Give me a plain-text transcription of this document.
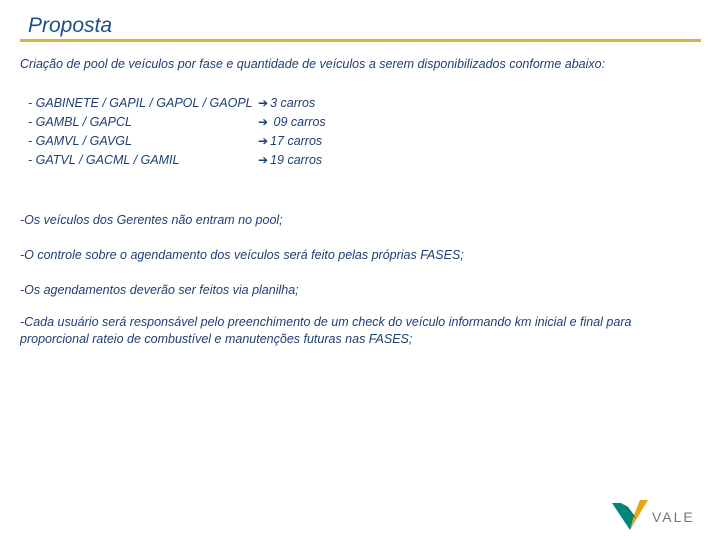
Proposta
Criação de pool de veículos por fase e quantidade de veículos a serem disponibilizados conforme abaixo:
- GABINETE / GAPIL / GAPOL / GAOPL ➔ 3 carros
- GAMBL / GAPCL	➔ 09 carros
- GAMVL / GAVGL	➔ 17 carros
- GATVL / GACML / GAMIL	➔ 19 carros
-Os veículos dos Gerentes não entram no pool;
-O controle sobre o agendamento dos veículos será feito pelas próprias FASES;
-Os agendamentos deverão ser feitos via planilha;
-Cada usuário será responsável pelo preenchimento de um check do veículo informando km inicial e final para proporcional rateio de combustível e manutenções futuras nas FASES;
VALE
